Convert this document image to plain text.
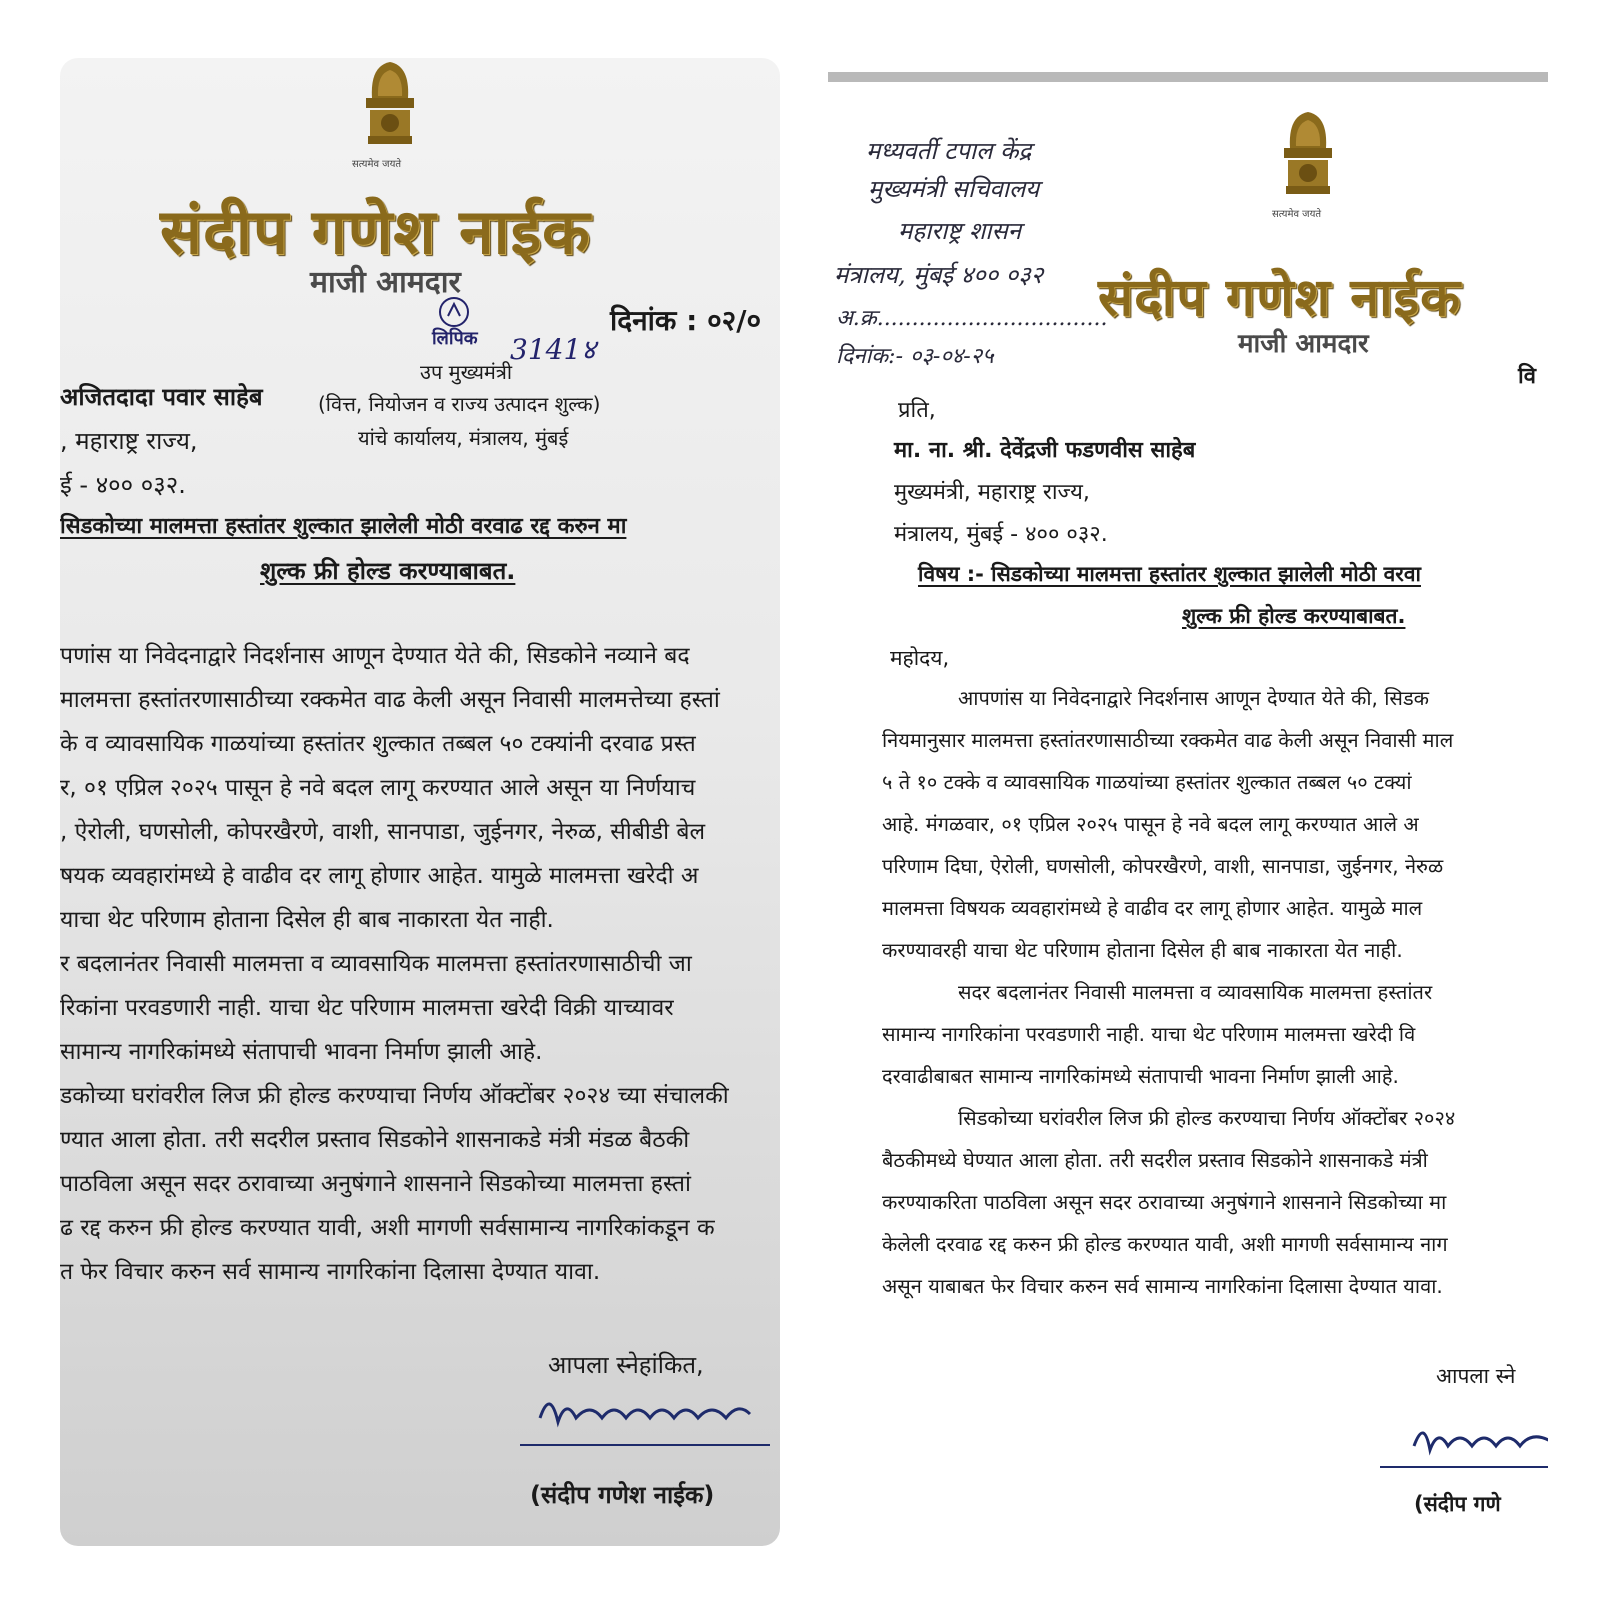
सत्यमेव जयते
संदीप गणेश नाईक
माजी आमदार
दिनांक : ०२/०
लिपिक 3141४
उप मुख्यमंत्री
(वित्त, नियोजन व राज्य उत्पादन शुल्क)
यांचे कार्यालय, मंत्रालय, मुंबई
अजितदादा पवार साहेब
, महाराष्ट्र राज्य,
ई - ४०० ०३२.
सिडकोच्या मालमत्ता हस्तांतर शुल्कात झालेली मोठी वरवाढ रद्द करुन मा
शुल्क फ्री होल्ड करण्याबाबत.
पणांस या निवेदनाद्वारे निदर्शनास आणून देण्यात येते की, सिडकोने नव्याने बद
मालमत्ता हस्तांतरणासाठीच्या रक्कमेत वाढ केली असून निवासी मालमत्तेच्या हस्तां
के व व्यावसायिक गाळयांच्या हस्तांतर शुल्कात तब्बल ५० टक्यांनी दरवाढ प्रस्त
र, ०१ एप्रिल २०२५ पासून हे नवे बदल लागू करण्यात आले असून या निर्णयाच
, ऐरोली, घणसोली, कोपरखैरणे, वाशी, सानपाडा, जुईनगर, नेरुळ, सीबीडी बेल
षयक व्यवहारांमध्ये हे वाढीव दर लागू होणार आहेत. यामुळे मालमत्ता खरेदी अ
याचा थेट परिणाम होताना दिसेल ही बाब नाकारता येत नाही.
र बदलानंतर निवासी मालमत्ता व व्यावसायिक मालमत्ता हस्तांतरणासाठीची जा
रिकांना परवडणारी नाही. याचा थेट परिणाम मालमत्ता खरेदी विक्री याच्यावर
सामान्य नागरिकांमध्ये संतापाची भावना निर्माण झाली आहे.
डकोच्या घरांवरील लिज फ्री होल्ड करण्याचा निर्णय ऑक्टोंबर २०२४ च्या संचालकी
ण्यात आला होता. तरी सदरील प्रस्ताव सिडकोने शासनाकडे मंत्री मंडळ बैठकी
पाठविला असून सदर ठरावाच्या अनुषंगाने शासनाने सिडकोच्या मालमत्ता हस्तां
ढ रद्द करुन फ्री होल्ड करण्यात यावी, अशी मागणी सर्वसामान्य नागरिकांकडून क
त फेर विचार करुन सर्व सामान्य नागरिकांना दिलासा देण्यात यावा.
आपला स्नेहांकित,
(संदीप गणेश नाईक)
मध्यवर्ती टपाल केंद्र
मुख्यमंत्री सचिवालय
महाराष्ट्र शासन
मंत्रालय, मुंबई ४०० ०३२
अ.क्र.................................
दिनांक:- ०३-०४-२५
सत्यमेव जयते
संदीप गणेश नाईक
माजी आमदार
वि
प्रति,
मा. ना. श्री. देवेंद्रजी फडणवीस साहेब
मुख्यमंत्री, महाराष्ट्र राज्य,
मंत्रालय, मुंबई - ४०० ०३२.
विषय :- सिडकोच्या मालमत्ता हस्तांतर शुल्कात झालेली मोठी वरवा
शुल्क फ्री होल्ड करण्याबाबत.
महोदय,
आपणांस या निवेदनाद्वारे निदर्शनास आणून देण्यात येते की, सिडक
नियमानुसार मालमत्ता हस्तांतरणासाठीच्या रक्कमेत वाढ केली असून निवासी माल
५ ते १० टक्के व व्यावसायिक गाळयांच्या हस्तांतर शुल्कात तब्बल ५० टक्यां
आहे. मंगळवार, ०१ एप्रिल २०२५ पासून हे नवे बदल लागू करण्यात आले अ
परिणाम दिघा, ऐरोली, घणसोली, कोपरखैरणे, वाशी, सानपाडा, जुईनगर, नेरुळ
मालमत्ता विषयक व्यवहारांमध्ये हे वाढीव दर लागू होणार आहेत. यामुळे माल
करण्यावरही याचा थेट परिणाम होताना दिसेल ही बाब नाकारता येत नाही.
सदर बदलानंतर निवासी मालमत्ता व व्यावसायिक मालमत्ता हस्तांतर
सामान्य नागरिकांना परवडणारी नाही. याचा थेट परिणाम मालमत्ता खरेदी वि
दरवाढीबाबत सामान्य नागरिकांमध्ये संतापाची भावना निर्माण झाली आहे.
सिडकोच्या घरांवरील लिज फ्री होल्ड करण्याचा निर्णय ऑक्टोंबर २०२४
बैठकीमध्ये घेण्यात आला होता. तरी सदरील प्रस्ताव सिडकोने शासनाकडे मंत्री
करण्याकरिता पाठविला असून सदर ठरावाच्या अनुषंगाने शासनाने सिडकोच्या मा
केलेली दरवाढ रद्द करुन फ्री होल्ड करण्यात यावी, अशी मागणी सर्वसामान्य नाग
असून याबाबत फेर विचार करुन सर्व सामान्य नागरिकांना दिलासा देण्यात यावा.
आपला स्ने
(संदीप गणे
